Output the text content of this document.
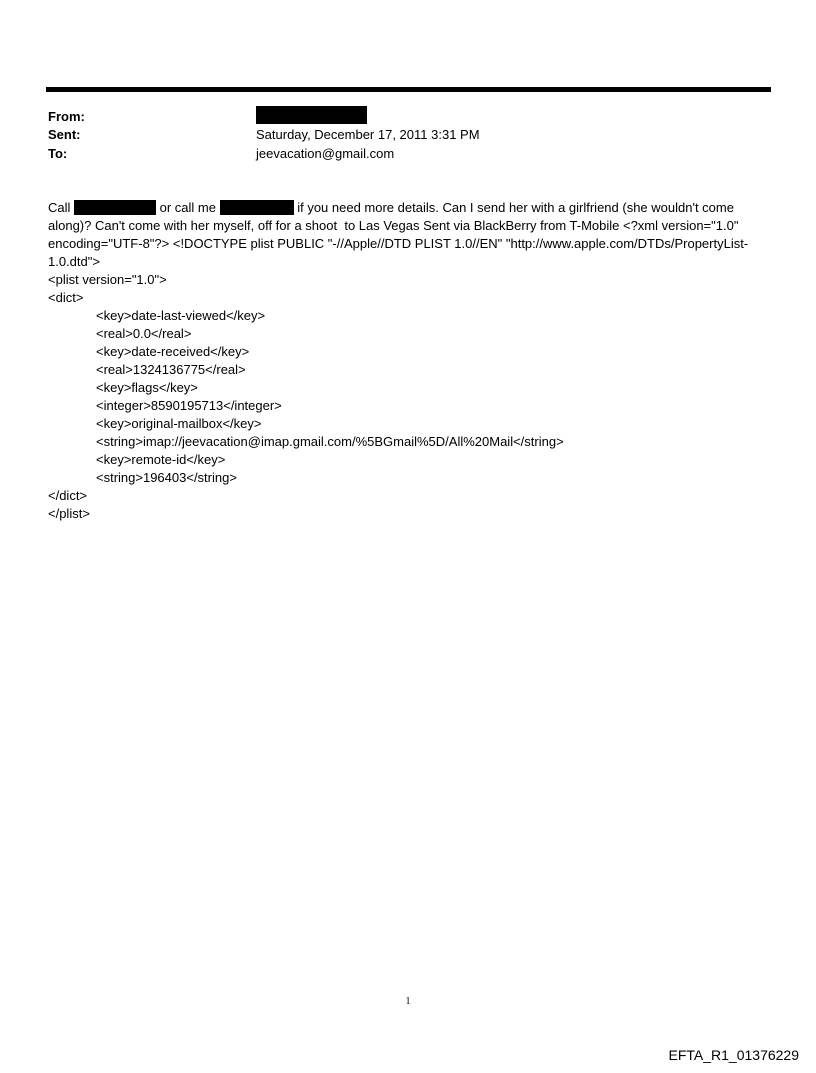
From:
Sent:	Saturday, December 17, 2011 3:31 PM
To:	jeevacation@gmail.com
Call	or call me	if you need more details. Can I send her with a girlfriend (she wouldn't come along)? Can't come with her myself, off for a shoot  to Las Vegas Sent via BlackBerry from T-Mobile <?xml version="1.0" encoding="UTF-8"?> <!DOCTYPE plist PUBLIC "-//Apple//DTD PLIST 1.0//EN" "http://www.apple.com/DTDs/PropertyList-1.0.dtd">
<plist version="1.0">
<dict>
<key>date-last-viewed</key>
<real>0.0</real>
<key>date-received</key>
<real>1324136775</real>
<key>flags</key>
<integer>8590195713</integer>
<key>original-mailbox</key>
<string>imap://jeevacation@imap.gmail.com/%5BGmail%5D/All%20Mail</string>
<key>remote-id</key>
<string>196403</string>
</dict>
</plist>
1
EFTA_R1_01376229
